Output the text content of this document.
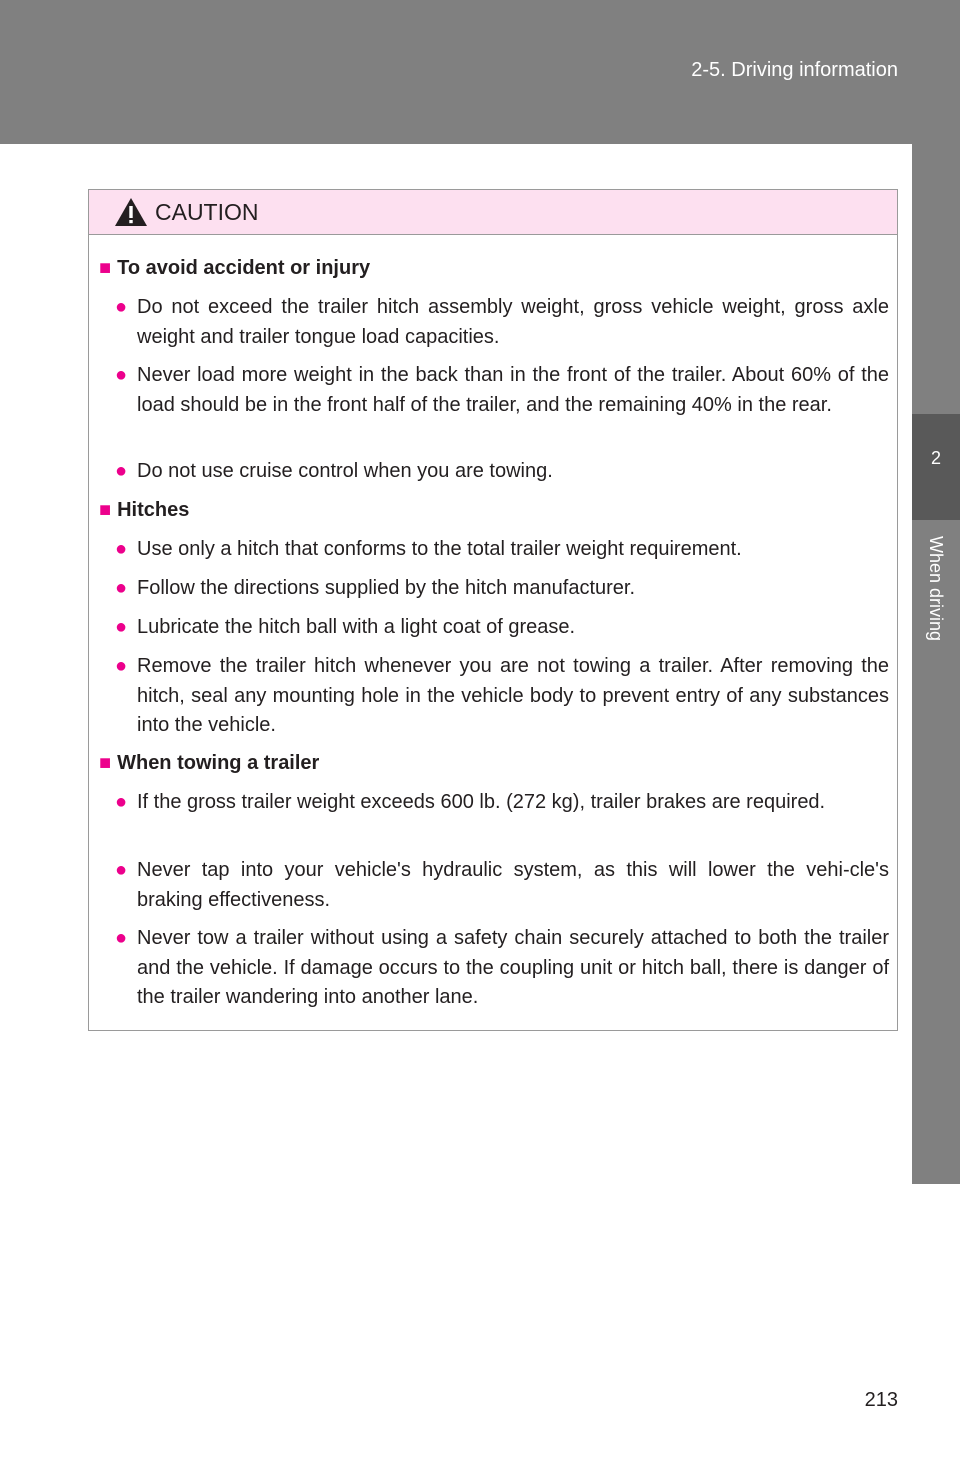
2-5. Driving information
2
When driving
CAUTION
■ To avoid accident or injury
● Do not exceed the trailer hitch assembly weight, gross vehicle weight, gross axle weight and trailer tongue load capacities.
● Never load more weight in the back than in the front of the trailer. About 60% of the load should be in the front half of the trailer, and the remaining 40% in the rear.
● Do not use cruise control when you are towing.
■ Hitches
● Use only a hitch that conforms to the total trailer weight requirement.
● Follow the directions supplied by the hitch manufacturer.
● Lubricate the hitch ball with a light coat of grease.
● Remove the trailer hitch whenever you are not towing a trailer. After removing the hitch, seal any mounting hole in the vehicle body to prevent entry of any substances into the vehicle.
■ When towing a trailer
● If the gross trailer weight exceeds 600 lb. (272 kg), trailer brakes are required.
● Never tap into your vehicle's hydraulic system, as this will lower the vehi-cle's braking effectiveness.
● Never tow a trailer without using a safety chain securely attached to both the trailer and the vehicle. If damage occurs to the coupling unit or hitch ball, there is danger of the trailer wandering into another lane.
213
